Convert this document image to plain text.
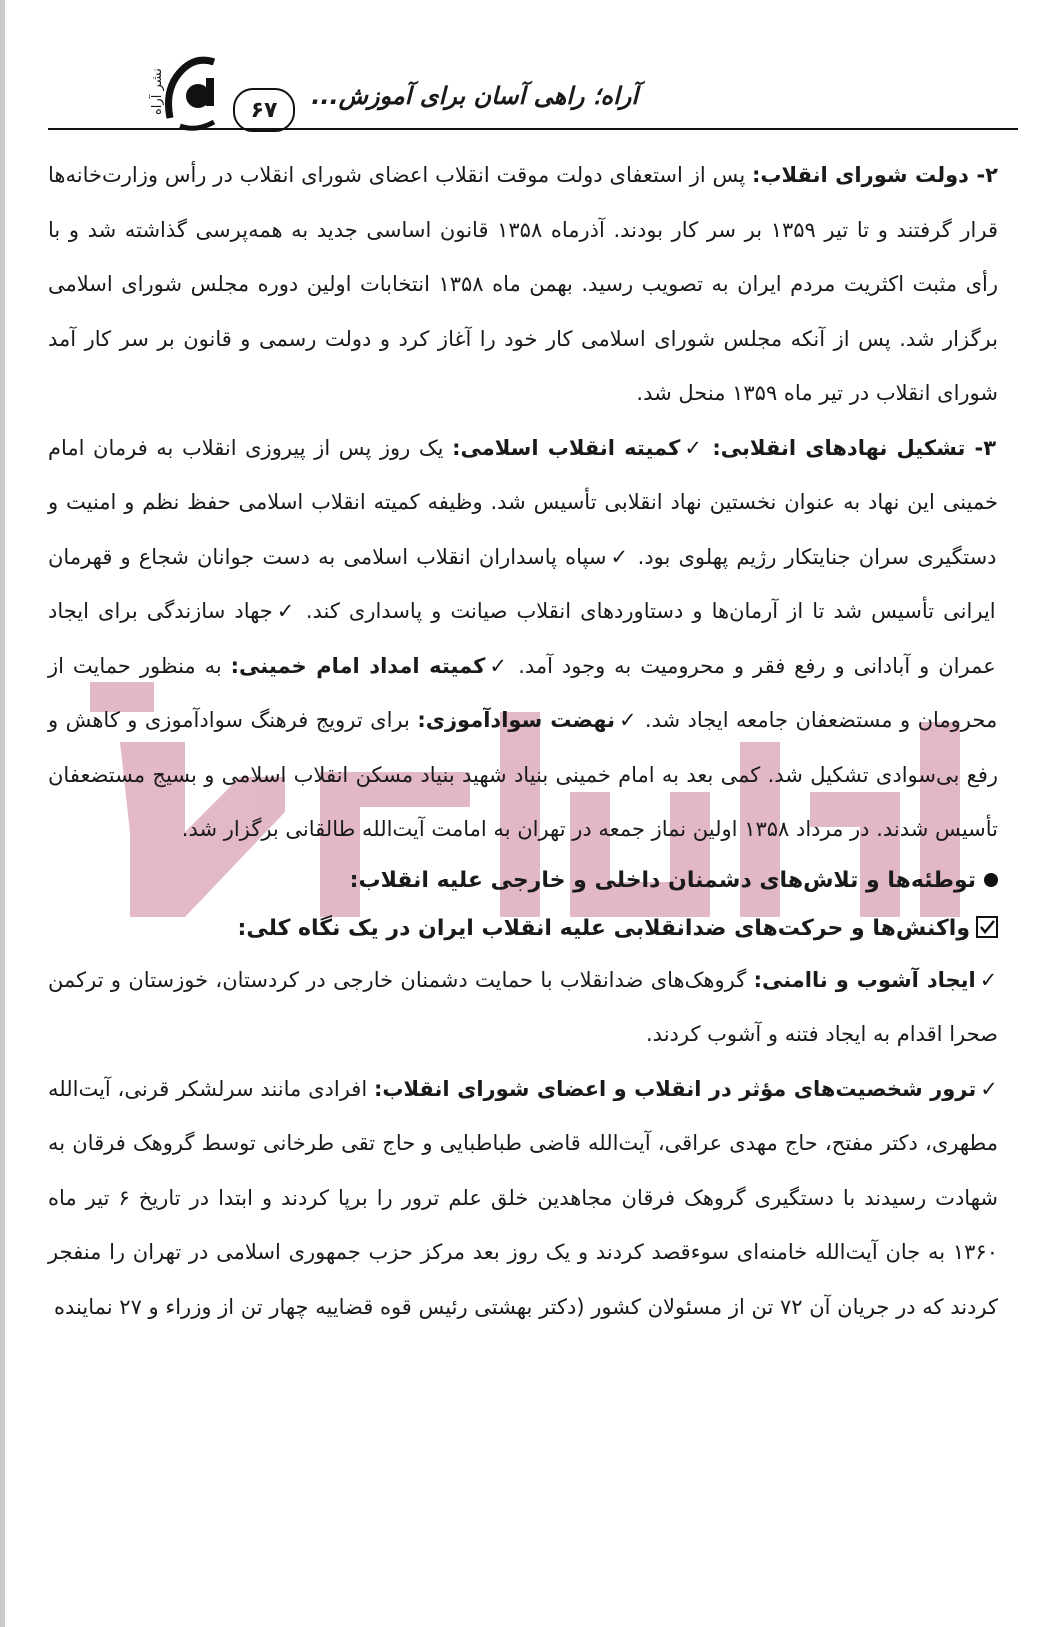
آراه؛ راهی آسان برای آموزش...
۶۷
نشر آراه

۲- دولت شورای انقلاب: پس از استعفای دولت موقت انقلاب اعضای شورای انقلاب در رأس وزارت‌خانه‌ها قرار گرفتند و تا تیر ۱۳۵۹ بر سر کار بودند. آذرماه ۱۳۵۸ قانون اساسی جدید به همه‌پرسی گذاشته شد و با رأی مثبت اکثریت مردم ایران به تصویب رسید. بهمن ماه ۱۳۵۸ انتخابات اولین دوره مجلس شورای اسلامی برگزار شد. پس از آنکه مجلس شورای اسلامی کار خود را آغاز کرد و دولت رسمی و قانون بر سر کار آمد شورای انقلاب در تیر ماه ۱۳۵۹ منحل شد.

۳- تشکیل نهادهای انقلابی: ✓کمیته انقلاب اسلامی: یک روز پس از پیروزی انقلاب به فرمان امام خمینی این نهاد به عنوان نخستین نهاد انقلابی تأسیس شد. وظیفه کمیته انقلاب اسلامی حفظ نظم و امنیت و دستگیری سران جنایتکار رژیم پهلوی بود. ✓سپاه پاسداران انقلاب اسلامی به دست جوانان شجاع و قهرمان ایرانی تأسیس شد تا از آرمان‌ها و دستاوردهای انقلاب صیانت و پاسداری کند. ✓جهاد سازندگی برای ایجاد عمران و آبادانی و رفع فقر و محرومیت به وجود آمد. ✓کمیته امداد امام خمینی: به منظور حمایت از محرومان و مستضعفان جامعه ایجاد شد. ✓نهضت سوادآموزی: برای ترویج فرهنگ سوادآموزی و کاهش و رفع بی‌سوادی تشکیل شد. کمی بعد به امام خمینی بنیاد شهید بنیاد مسکن انقلاب اسلامی و بسیج مستضعفان تأسیس شدند. در مرداد ۱۳۵۸ اولین نماز جمعه در تهران به امامت آیت‌الله طالقانی برگزار شد.

توطئه‌ها و تلاش‌های دشمنان داخلی و خارجی علیه انقلاب:
واکنش‌ها و حرکت‌های ضدانقلابی علیه انقلاب ایران در یک نگاه کلی:

✓ایجاد آشوب و ناامنی: گروهک‌های ضدانقلاب با حمایت دشمنان خارجی در کردستان، خوزستان و ترکمن صحرا اقدام به ایجاد فتنه و آشوب کردند.

✓ترور شخصیت‌های مؤثر در انقلاب و اعضای شورای انقلاب: افرادی مانند سرلشکر قرنی، آیت‌الله مطهری، دکتر مفتح، حاج مهدی عراقی، آیت‌الله قاضی طباطبایی و حاج تقی طرخانی توسط گروهک فرقان به شهادت رسیدند با دستگیری گروهک فرقان مجاهدین خلق علم ترور را برپا کردند و ابتدا در تاریخ ۶ تیر ماه ۱۳۶۰ به جان آیت‌الله خامنه‌ای سوءقصد کردند و یک روز بعد مرکز حزب جمهوری اسلامی در تهران را منفجر کردند که در جریان آن ۷۲ تن از مسئولان کشور (دکتر بهشتی رئیس قوه قضاییه چهار تن از وزراء و ۲۷ نماینده
